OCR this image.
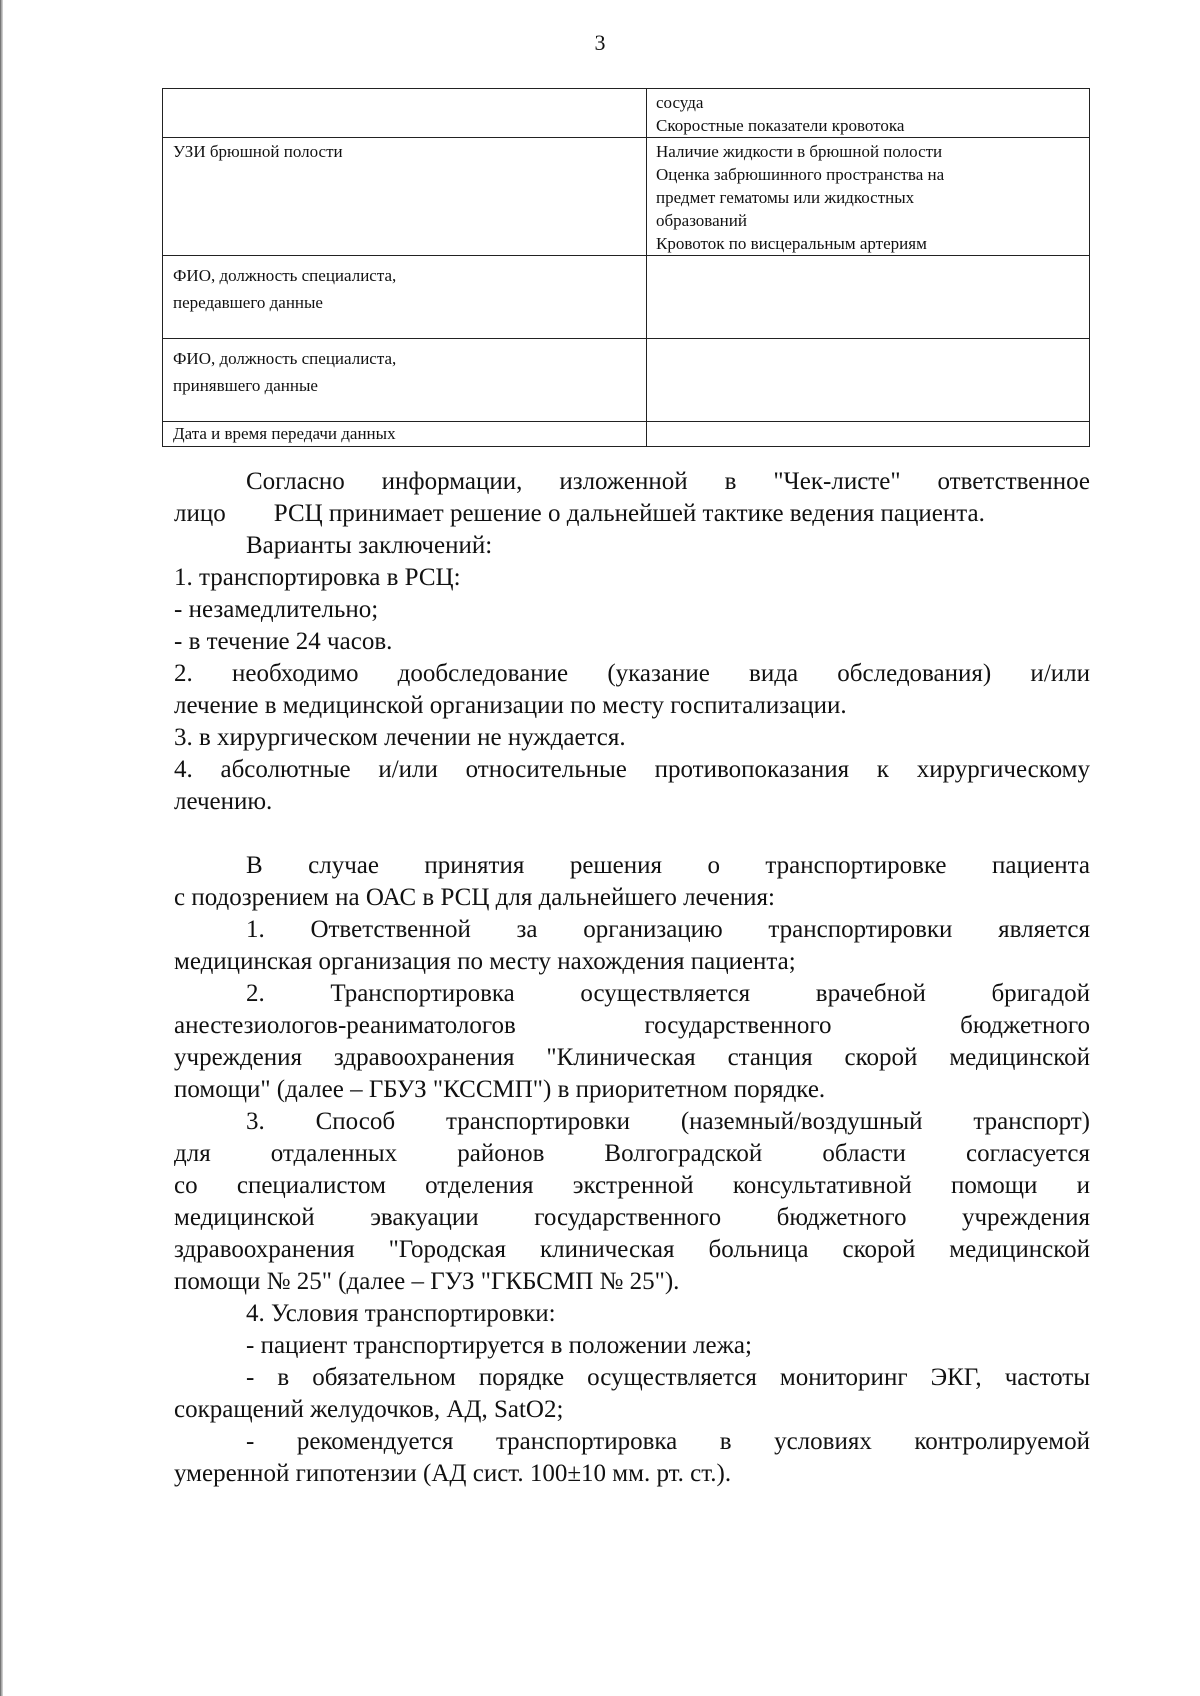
3

	сосуда
Скоростные показатели кровотока

УЗИ брюшной полости	Наличие жидкости в брюшной полости
Оценка забрюшинного пространства на
предмет гематомы или жидкостных
образований
Кровоток по висцеральным артериям

ФИО, должность специалиста,
передавшего данные	

ФИО, должность специалиста,
принявшего данные	

Дата и время передачи данных	

Согласно информации, изложенной в "Чек-листе" ответственное

лицо РСЦ принимает решение о дальнейшей тактике ведения пациента.

Варианты заключений:

1. транспортировка в РСЦ:

- незамедлительно;

- в течение 24 часов.

2. необходимо дообследование (указание вида обследования) и/или

лечение в медицинской организации по месту госпитализации.

3. в хирургическом лечении не нуждается.

4. абсолютные и/или относительные противопоказания к хирургическому

лечению.

В случае принятия решения о транспортировке пациента

с подозрением на ОАС в РСЦ для дальнейшего лечения:

1. Ответственной за организацию транспортировки является

медицинская организация по месту нахождения пациента;

2. Транспортировка осуществляется врачебной бригадой

анестезиологов-реаниматологов государственного бюджетного

учреждения здравоохранения "Клиническая станция скорой медицинской

помощи" (далее – ГБУЗ "КССМП") в приоритетном порядке.

3. Способ транспортировки (наземный/воздушный транспорт)

для отдаленных районов Волгоградской области согласуется

со специалистом отделения экстренной консультативной помощи и

медицинской эвакуации государственного бюджетного учреждения

здравоохранения "Городская клиническая больница скорой медицинской

помощи № 25" (далее – ГУЗ "ГКБСМП № 25").

4. Условия транспортировки:

- пациент транспортируется в положении лежа;

- в обязательном порядке осуществляется мониторинг ЭКГ, частоты

сокращений желудочков, АД, SatO2;

- рекомендуется транспортировка в условиях контролируемой

умеренной гипотензии (АД сист. 100±10 мм. рт. ст.).
